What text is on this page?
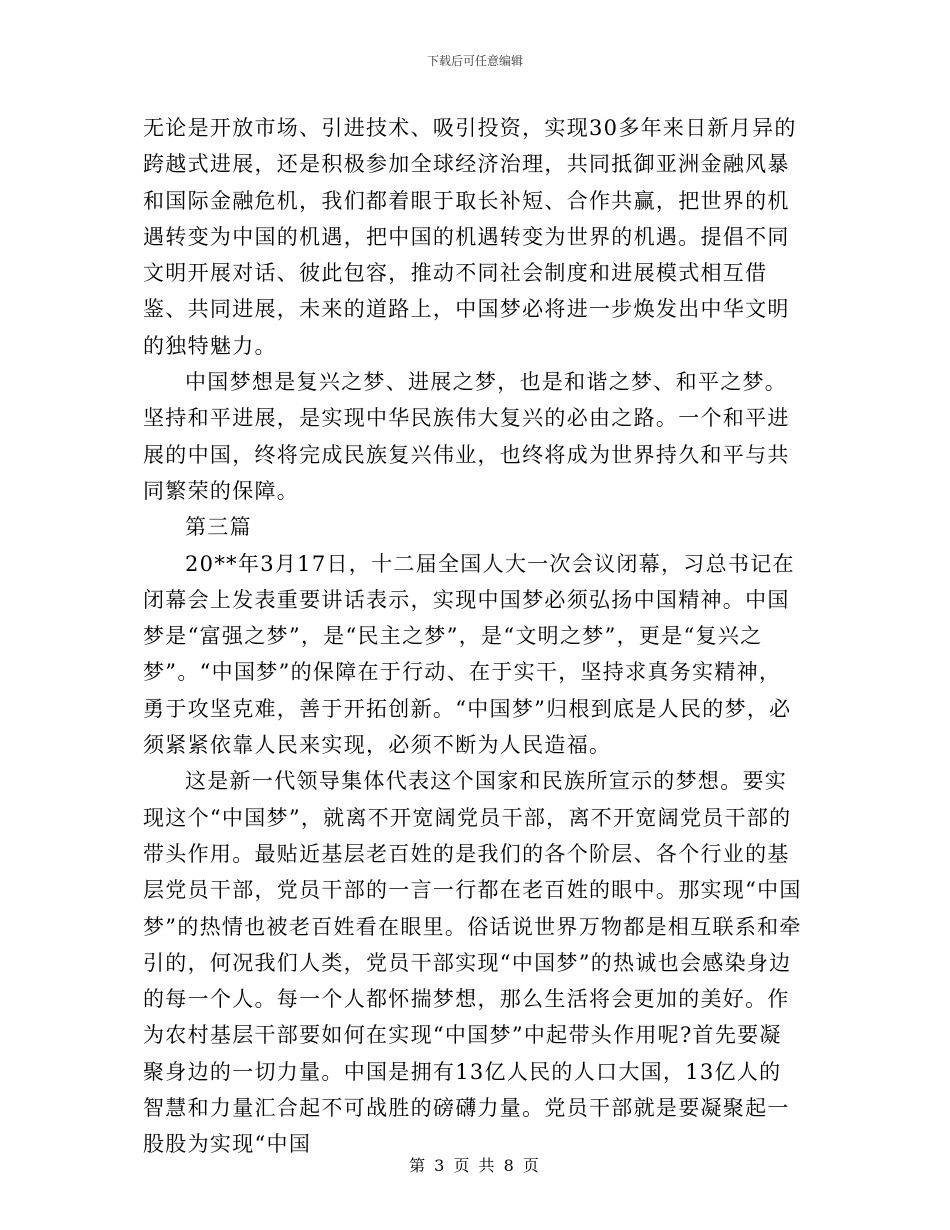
下载后可任意编辑

无论是开放市场、引进技术、吸引投资，实现30多年来日新月异的跨越式进展，还是积极参加全球经济治理，共同抵御亚洲金融风暴和国际金融危机，我们都着眼于取长补短、合作共赢，把世界的机遇转变为中国的机遇，把中国的机遇转变为世界的机遇。提倡不同文明开展对话、彼此包容，推动不同社会制度和进展模式相互借鉴、共同进展，未来的道路上，中国梦必将进一步焕发出中华文明的独特魅力。

中国梦想是复兴之梦、进展之梦，也是和谐之梦、和平之梦。坚持和平进展，是实现中华民族伟大复兴的必由之路。一个和平进展的中国，终将完成民族复兴伟业，也终将成为世界持久和平与共同繁荣的保障。

第三篇

20**年3月17日，十二届全国人大一次会议闭幕，习总书记在闭幕会上发表重要讲话表示，实现中国梦必须弘扬中国精神。中国梦是“富强之梦”，是“民主之梦”，是“文明之梦”，更是“复兴之梦”。“中国梦”的保障在于行动、在于实干，坚持求真务实精神，勇于攻坚克难，善于开拓创新。“中国梦”归根到底是人民的梦，必须紧紧依靠人民来实现，必须不断为人民造福。

这是新一代领导集体代表这个国家和民族所宣示的梦想。要实现这个“中国梦”，就离不开宽阔党员干部，离不开宽阔党员干部的带头作用。最贴近基层老百姓的是我们的各个阶层、各个行业的基层党员干部，党员干部的一言一行都在老百姓的眼中。那实现“中国梦”的热情也被老百姓看在眼里。俗话说世界万物都是相互联系和牵引的，何况我们人类，党员干部实现“中国梦”的热诚也会感染身边的每一个人。每一个人都怀揣梦想，那么生活将会更加的美好。作为农村基层干部要如何在实现“中国梦”中起带头作用呢?首先要凝聚身边的一切力量。中国是拥有13亿人民的人口大国，13亿人的智慧和力量汇合起不可战胜的磅礴力量。党员干部就是要凝聚起一股股为实现“中国

第 3 页 共 8 页
